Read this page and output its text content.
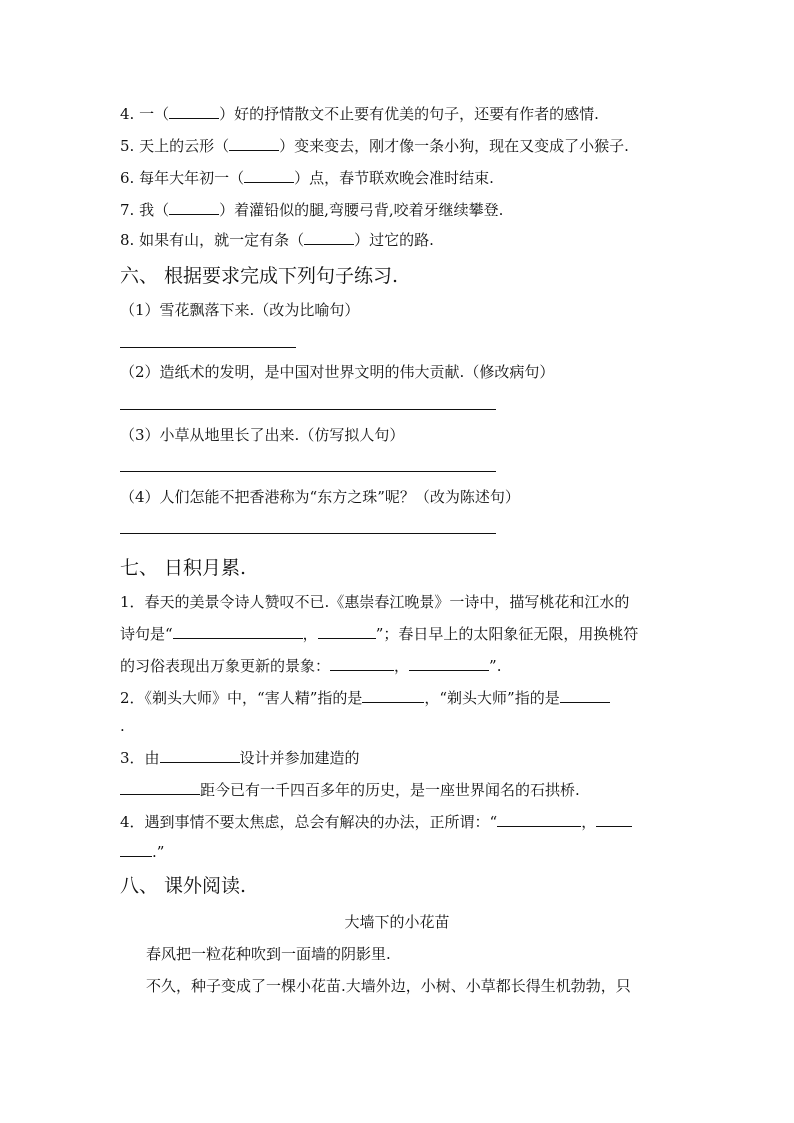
4. 一（	）好的抒情散文不止要有优美的句子，还要有作者的感情.
5. 天上的云形（	）变来变去，刚才像一条小狗，现在又变成了小猴子.
6. 每年大年初一（	）点，春节联欢晚会准时结束.
7. 我（	）着灌铅似的腿,弯腰弓背,咬着牙继续攀登.
8. 如果有山，就一定有条（	）过它的路.
六、 根据要求完成下列句子练习.
（1）雪花飘落下来.（改为比喻句）
（2）造纸术的发明，是中国对世界文明的伟大贡献.（修改病句）
（3）小草从地里长了出来.（仿写拟人句）
（4）人们怎能不把香港称为“东方之珠”呢？（改为陈述句）
七、 日积月累.
1．春天的美景令诗人赞叹不已.《惠崇春江晚景》一诗中，描写桃花和江水的
诗句是“	，	”；春日早上的太阳象征无限，用换桃符
的习俗表现出万象更新的景象：	，	”.
2．《剃头大师》中，“害人精”指的是	，“剃头大师”指的是
.
3．由	设计并参加建造的
距今已有一千四百多年的历史，是一座世界闻名的石拱桥.
4．遇到事情不要太焦虑，总会有解决的办法，正所谓：“	，
.”
八、 课外阅读.
大墙下的小花苗
春风把一粒花种吹到一面墙的阴影里.
不久，种子变成了一棵小花苗.大墙外边，小树、小草都长得生机勃勃，只
